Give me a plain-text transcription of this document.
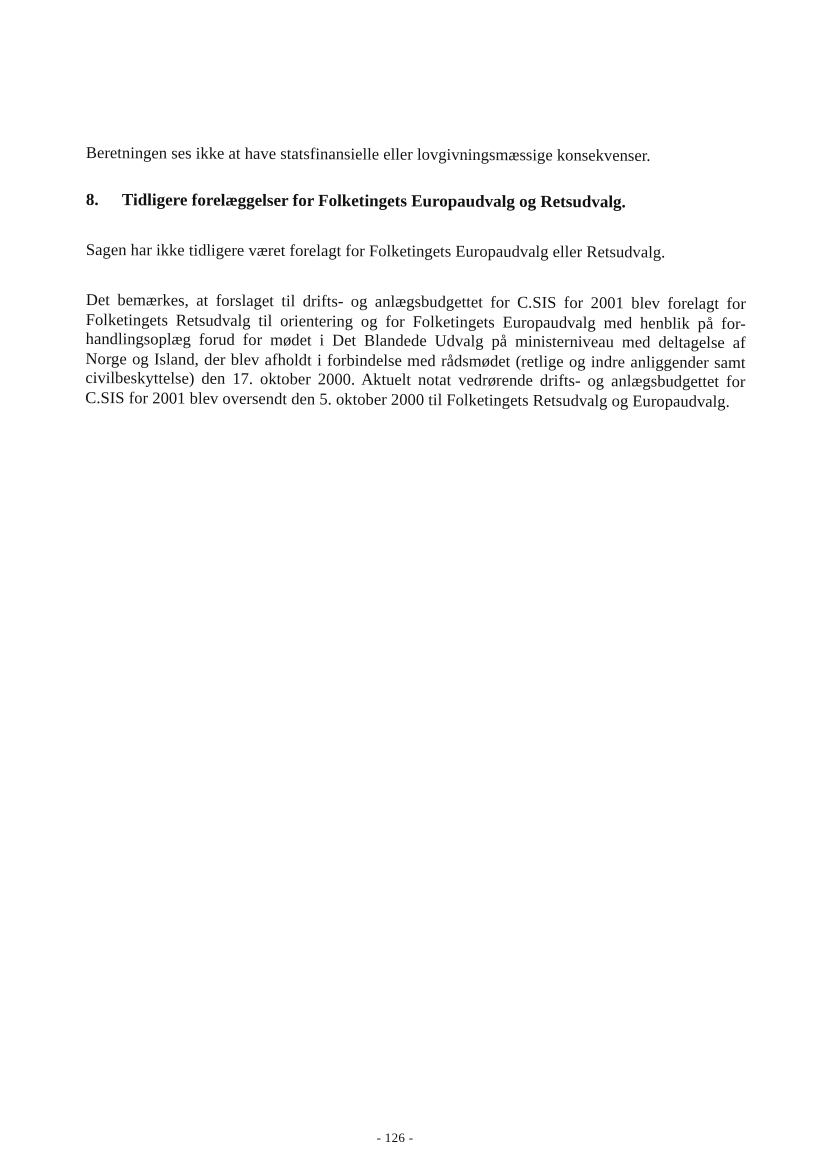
Beretningen ses ikke at have statsfinansielle eller lovgivningsmæssige konsekvenser.
8. Tidligere forelæggelser for Folketingets Europaudvalg og Retsudvalg.
Sagen har ikke tidligere været forelagt for Folketingets Europaudvalg eller Retsudvalg.
Det bemærkes, at forslaget til drifts- og anlægsbudgettet for C.SIS for 2001 blev forelagt for
Folketingets Retsudvalg til orientering og for Folketingets Europaudvalg med henblik på for-
handlingsoplæg forud for mødet i Det Blandede Udvalg på ministerniveau med deltagelse af
Norge og Island, der blev afholdt i forbindelse med rådsmødet (retlige og indre anliggender samt
civilbeskyttelse) den 17. oktober 2000. Aktuelt notat vedrørende drifts- og anlægsbudgettet for
C.SIS for 2001 blev oversendt den 5. oktober 2000 til Folketingets Retsudvalg og Europaudvalg.
- 126 -
